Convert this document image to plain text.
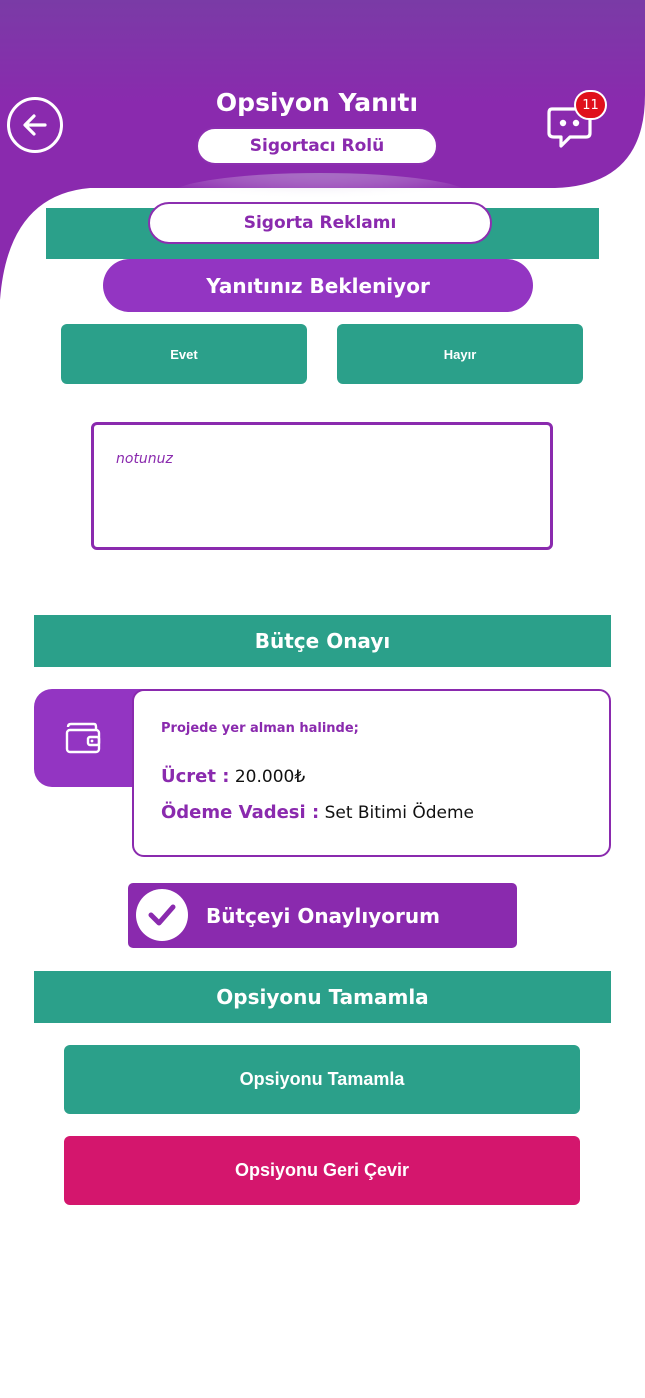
Opsiyon Yanıtı
Sigortacı Rolü
11
Sigorta Reklamı
Yanıtınız Bekleniyor
Evet	Hayır
notunuz
Bütçe Onayı
Projede yer alman halinde;
Ücret : 20.000₺
Ödeme Vadesi : Set Bitimi Ödeme
Bütçeyi Onaylıyorum
Opsiyonu Tamamla
Opsiyonu Tamamla
Opsiyonu Geri Çevir
